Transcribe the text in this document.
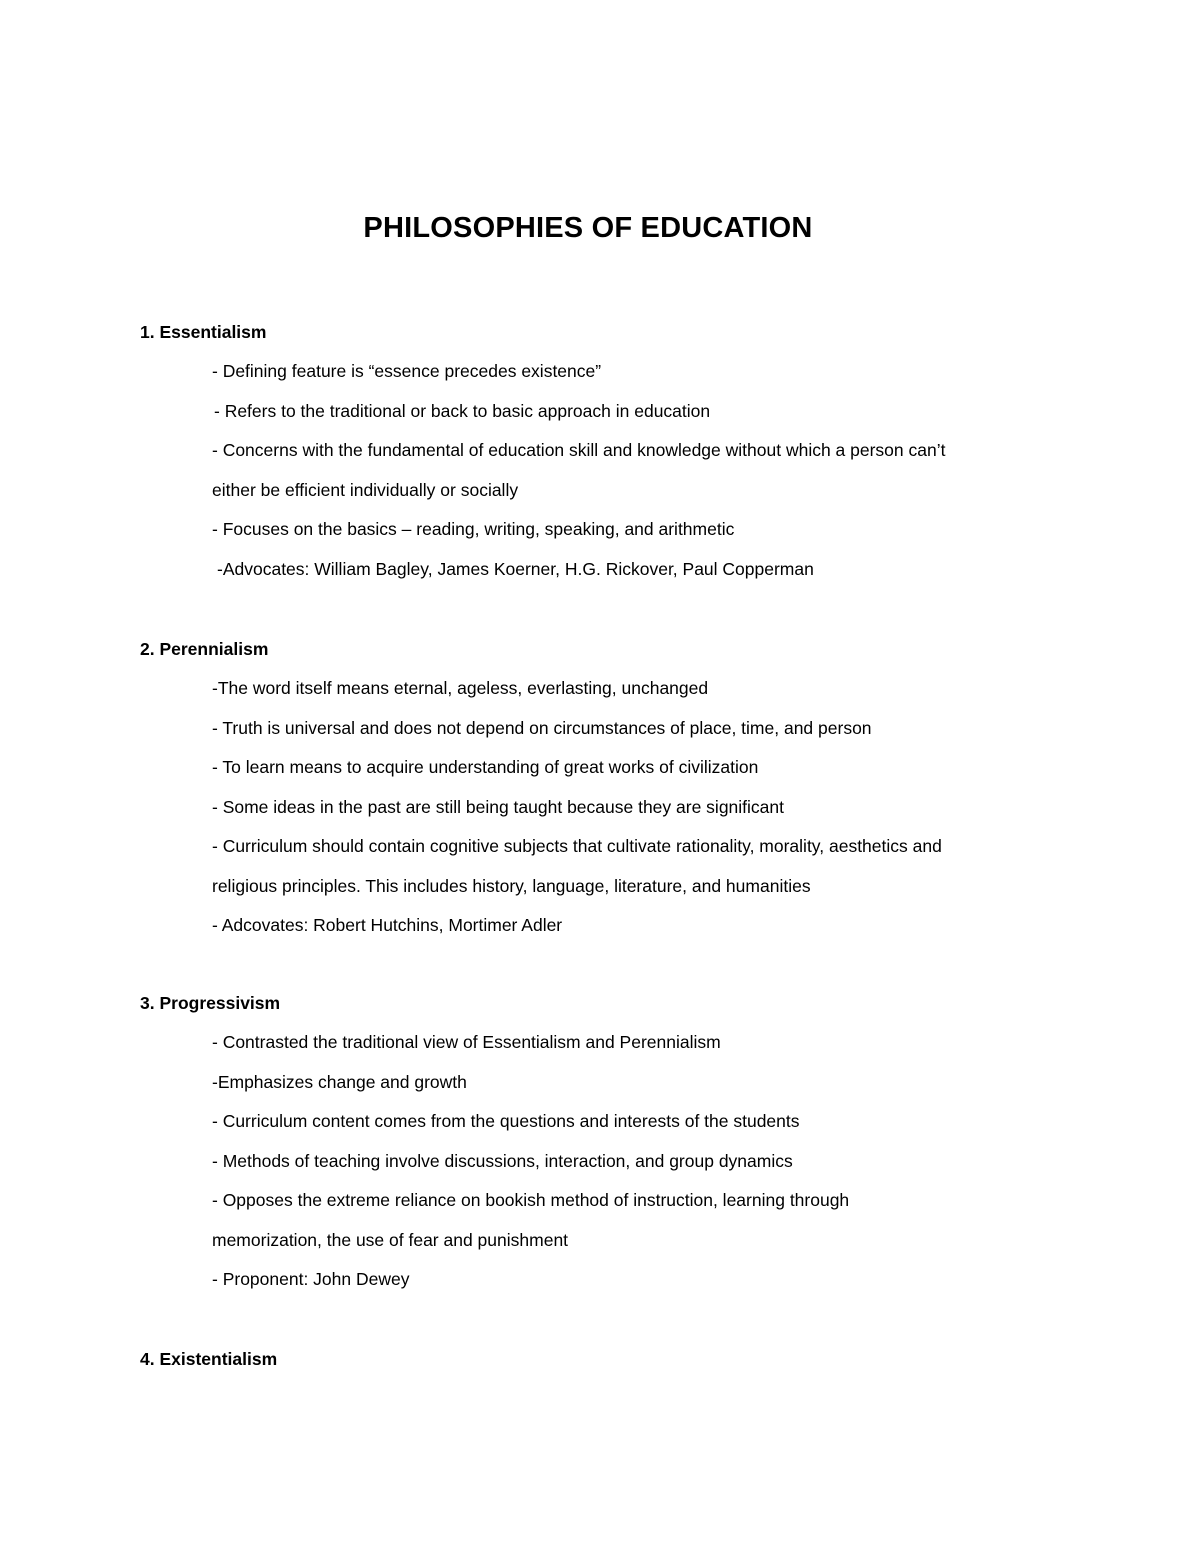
PHILOSOPHIES OF EDUCATION
1. Essentialism
- Defining feature is “essence precedes existence”
- Refers to the traditional or back to basic approach in education
- Concerns with the fundamental of education skill and knowledge without which a person can’t
either be efficient individually or socially
- Focuses on the basics – reading, writing, speaking, and arithmetic
-Advocates: William Bagley, James Koerner, H.G. Rickover, Paul Copperman
2. Perennialism
-The word itself means eternal, ageless, everlasting, unchanged
- Truth is universal and does not depend on circumstances of place, time, and person
- To learn means to acquire understanding of great works of civilization
- Some ideas in the past are still being taught because they are significant
- Curriculum should contain cognitive subjects that cultivate rationality, morality, aesthetics and
religious principles. This includes history, language, literature, and humanities
- Adcovates: Robert Hutchins, Mortimer Adler
3. Progressivism
- Contrasted the traditional view of Essentialism and Perennialism
-Emphasizes change and growth
- Curriculum content comes from the questions and interests of the students
- Methods of teaching involve discussions, interaction, and group dynamics
- Opposes the extreme reliance on bookish method of instruction, learning through
memorization, the use of fear and punishment
- Proponent: John Dewey
4. Existentialism
